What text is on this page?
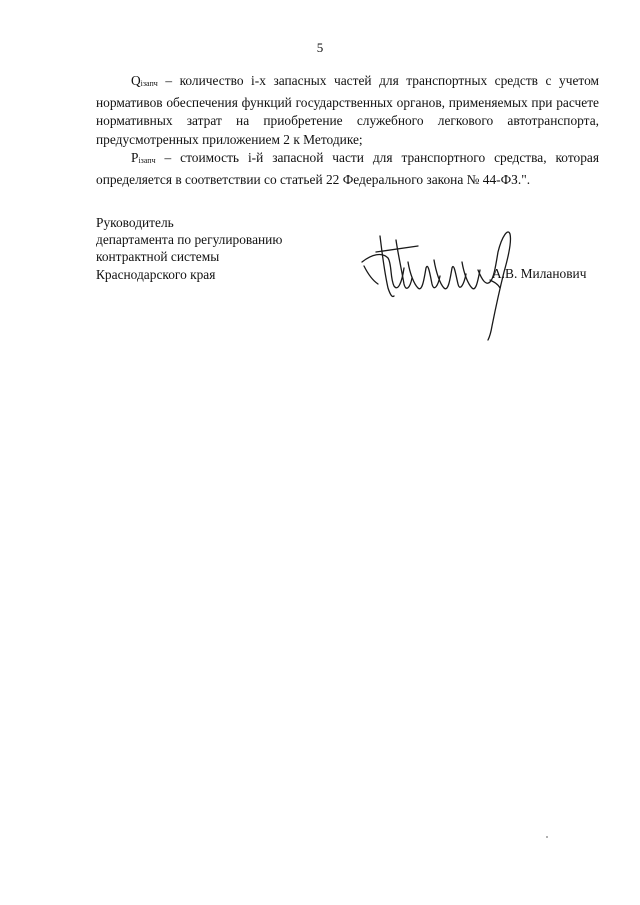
5

$Q_{iзапч}$ – количество i-х запасных частей для транспортных средств с учетом нормативов обеспечения функций государственных органов, применяемых при расчете нормативных затрат на приобретение служебного легкового автотранспорта, предусмотренных приложением 2 к Методике;

$P_{iзапч}$ – стоимость i-й запасной части для транспортного средства, которая определяется в соответствии со статьей 22 Федерального закона № 44-ФЗ.".

Руководитель
департамента по регулированию
контрактной системы
Краснодарского края	А.В. Миланович
